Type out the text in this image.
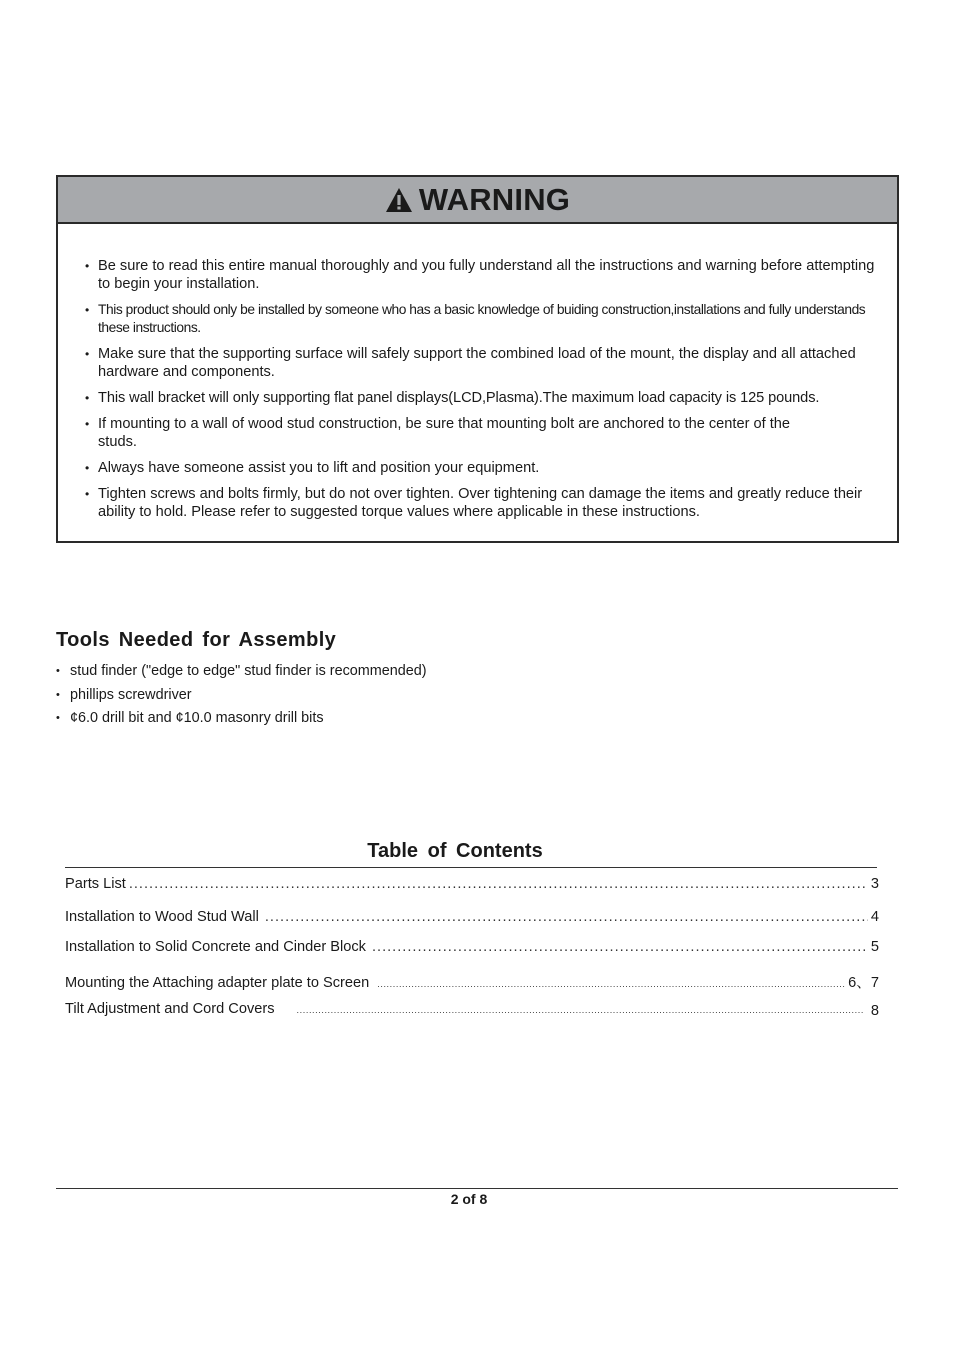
WARNING
• Be sure to read this entire manual thoroughly and you fully understand all the instructions and warning before attempting to begin your installation.
• This product should only be installed by someone who has a basic knowledge of buiding construction,installations and fully understands these instructions.
• Make sure that the supporting surface will safely support the combined load of the mount, the display and all attached hardware and components.
• This wall bracket will only supporting flat panel displays(LCD,Plasma).The maximum load capacity is 125 pounds.
• If mounting to a wall of wood stud construction, be sure that mounting bolt are anchored to the center of the studs.
• Always have someone assist you to lift and position your equipment.
• Tighten screws and bolts firmly, but do not over tighten. Over tightening can damage the items and greatly reduce their ability to hold. Please refer to suggested torque values where applicable in these instructions.
Tools Needed for Assembly
• stud finder ("edge to edge" stud finder is recommended)
• phillips screwdriver
• ¢6.0 drill bit and ¢10.0 masonry drill bits
Table of Contents
Parts List .....	3
Installation to Wood Stud Wall .....	4
Installation to Solid Concrete and Cinder Block .....	5
Mounting the Attaching adapter plate to Screen .....	6、7
Tilt Adjustment and Cord Covers .....	8
2 of 8
